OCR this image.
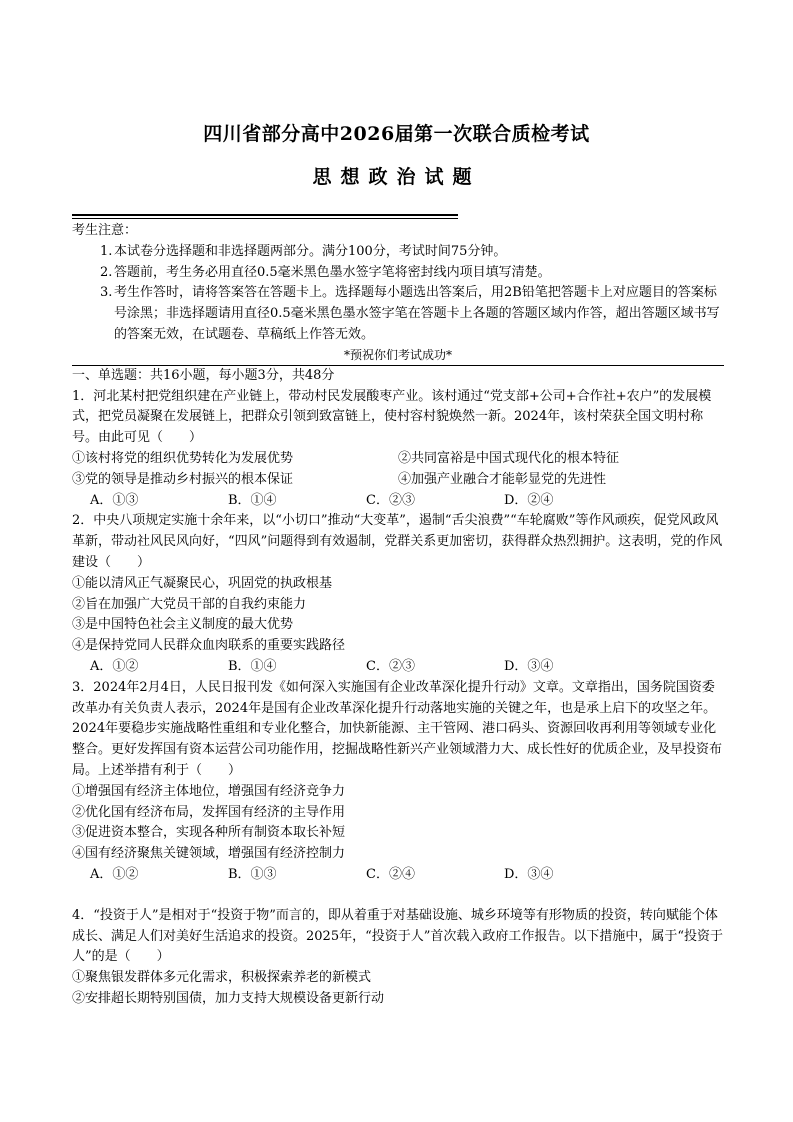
四川省部分高中2026届第一次联合质检考试
思想政治试题

考生注意：

1. 本试卷分选择题和非选择题两部分。满分100分，考试时间75分钟。
2. 答题前，考生务必用直径0.5毫米黑色墨水签字笔将密封线内项目填写清楚。
3. 考生作答时，请将答案答在答题卡上。选择题每小题选出答案后，用2B铅笔把答题卡上对应题目的答案标号涂黑；非选择题请用直径0.5毫米黑色墨水签字笔在答题卡上各题的答题区域内作答，超出答题区域书写的答案无效，在试题卷、草稿纸上作答无效。

*预祝你们考试成功*

一、单选题：共16小题，每小题3分，共48分

1．河北某村把党组织建在产业链上，带动村民发展酸枣产业。该村通过“党支部+公司+合作社+农户”的发展模式，把党员凝聚在发展链上，把群众引领到致富链上，使村容村貌焕然一新。2024年，该村荣获全国文明村称号。由此可见（　　）

①该村将党的组织优势转化为发展优势	②共同富裕是中国式现代化的根本特征
③党的领导是推动乡村振兴的根本保证	④加强产业融合才能彰显党的先进性
A．①③	B．①④	C．②③	D．②④

2．中央八项规定实施十余年来，以“小切口”推动“大变革”，遏制“舌尖浪费”“车轮腐败”等作风顽疾，促党风政风革新，带动社风民风向好，“四风”问题得到有效遏制，党群关系更加密切，获得群众热烈拥护。这表明，党的作风建设（　　）

①能以清风正气凝聚民心，巩固党的执政根基

②旨在加强广大党员干部的自我约束能力

③是中国特色社会主义制度的最大优势

④是保持党同人民群众血肉联系的重要实践路径

A．①②	B．①④	C．②③	D．③④

3．2024年2月4日，人民日报刊发《如何深入实施国有企业改革深化提升行动》文章。文章指出，国务院国资委改革办有关负责人表示，2024年是国有企业改革深化提升行动落地实施的关键之年，也是承上启下的攻坚之年。2024年要稳步实施战略性重组和专业化整合，加快新能源、主干管网、港口码头、资源回收再利用等领域专业化整合。更好发挥国有资本运营公司功能作用，挖掘战略性新兴产业领域潜力大、成长性好的优质企业，及早投资布局。上述举措有利于（　　）

①增强国有经济主体地位，增强国有经济竞争力

②优化国有经济布局，发挥国有经济的主导作用

③促进资本整合，实现各种所有制资本取长补短

④国有经济聚焦关键领域，增强国有经济控制力

A．①②	B．①③	C．②④	D．③④

4．“投资于人”是相对于“投资于物”而言的，即从着重于对基础设施、城乡环境等有形物质的投资，转向赋能个体成长、满足人们对美好生活追求的投资。2025年，“投资于人”首次载入政府工作报告。以下措施中，属于“投资于人”的是（　　）

①聚焦银发群体多元化需求，积极探索养老的新模式

②安排超长期特别国债，加力支持大规模设备更新行动
